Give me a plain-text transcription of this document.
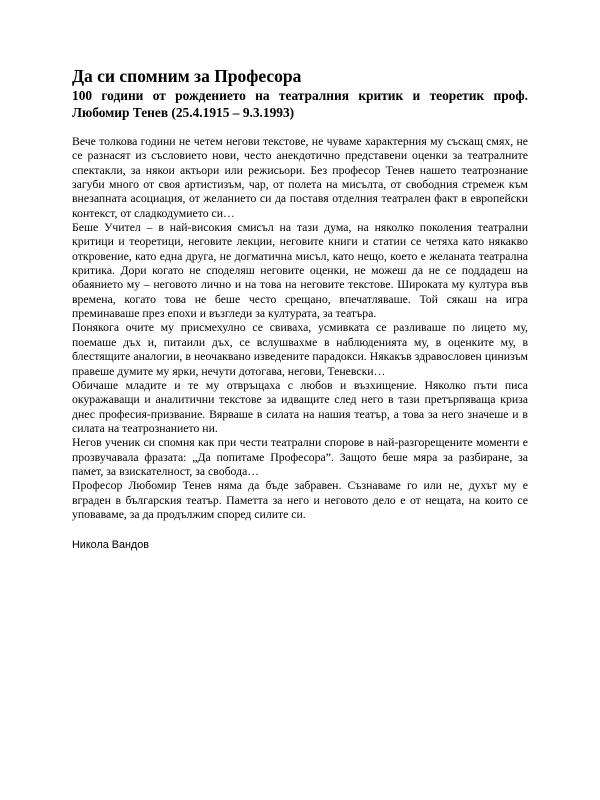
Да си спомним за Професора
100 години от рождението на театралния критик и теоретик проф. Любомир Тенев (25.4.1915 – 9.3.1993)

Вече толкова години не четем негови текстове, не чуваме характерния му съскащ смях, не се разнасят из съсловието нови, често анекдотично представени оценки за театралните спектакли, за някои актьори или режисьори. Без професор Тенев нашето театрознание загуби много от своя артистизъм, чар, от полета на мисълта, от свободния стремеж към внезапната асоциация, от желанието си да поставя отделния театрален факт в европейски контекст, от сладкодумието си…

Беше Учител – в най-високия смисъл на тази дума, на няколко поколения театрални критици и теоретици, неговите лекции, неговите книги и статии се четяха като някакво откровение, като една друга, не догматична мисъл, като нещо, което е желаната театрална критика. Дори когато не споделяш неговите оценки, не можеш да не се поддадеш на обаянието му – неговото лично и на това на неговите текстове. Широката му култура във времена, когато това не беше често срещано, впечатляваше. Той сякаш на игра преминаваше през епохи и възгледи за културата, за театъра.

Понякога очите му присмехулно се свиваха, усмивката се разливаше по лицето му, поемаше дъх и, питаили дъх, се вслушвахме в наблюденията му, в оценките му, в блестящите аналогии, в неочаквано изведените парадокси. Някакъв здравословен цинизъм правеше думите му ярки, нечути дотогава, негови, Теневски…

Обичаше младите и те му отвръщаха с любов и възхищение. Няколко пъти писа окуражаващи и аналитични текстове за идващите след него в тази претърпяваща криза днес професия-призвание. Вярваше в силата на нашия театър, а това за него значеше и в силата на театрознанието ни.

Негов ученик си спомня как при чести театрални спорове в най-разгорещените моменти е прозвучавала фразата: „Да попитаме Професора”. Защото беше мяра за разбиране, за памет, за взискателност, за свобода…

Професор Любомир Тенев няма да бъде забравен. Съзнаваме го или не, духът му е вграден в българския театър. Паметта за него и неговото дело е от нещата, на които се уповаваме, за да продължим според силите си.

Никола Вандов
